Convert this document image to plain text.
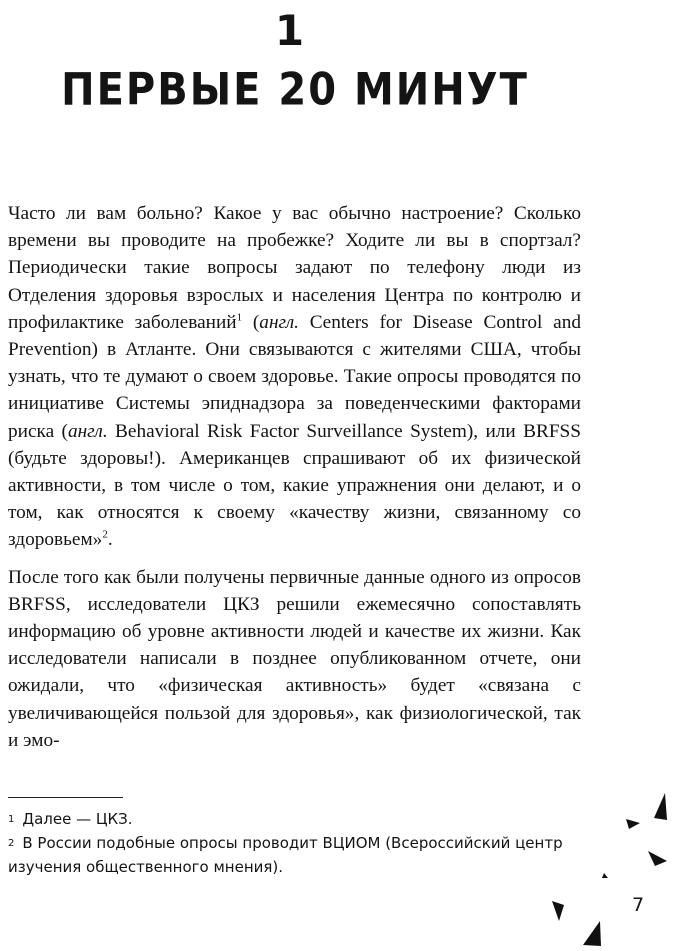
1
ПЕРВЫЕ 20 МИНУТ

Часто ли вам больно? Какое у вас обычно настроение? Сколько времени вы проводите на пробежке? Ходите ли вы в спортзал? Периодически такие вопросы задают по телефону люди из Отделения здоровья взрослых и населения Центра по контролю и профилактике заболеваний$^1$ (англ. Centers for Disease Control and Prevention) в Атланте. Они связываются с жителями США, чтобы узнать, что те думают о своем здоровье. Такие опросы проводятся по инициативе Системы эпиднадзора за поведенческими факторами риска (англ. Behavioral Risk Factor Surveillance System), или BRFSS (будьте здоровы!). Американцев спрашивают об их физической активности, в том числе о том, какие упражнения они делают, и о том, как относятся к своему «качеству жизни, связанному со здоровьем»$^2$.

После того как были получены первичные данные одного из опросов BRFSS, исследователи ЦКЗ решили ежемесячно сопоставлять информацию об уровне активности людей и качестве их жизни. Как исследователи написали в позднее опубликованном отчете, они ожидали, что «физическая активность» будет «связана с увеличивающейся пользой для здоровья», как физиологической, так и эмо-

$^1$ Далее — ЦКЗ.

$^2$ В России подобные опросы проводит ВЦИОМ (Всероссийский центр изучения общественного мнения).

7
